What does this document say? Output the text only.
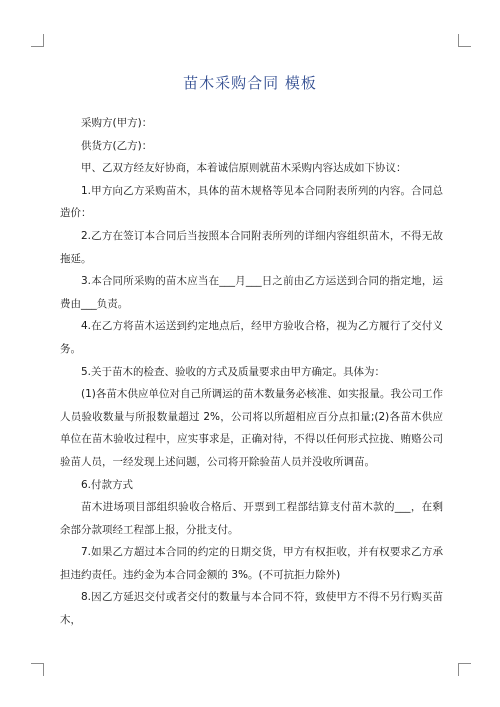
苗木采购合同 模板

采购方(甲方)：

供货方(乙方)：

甲、乙双方经友好协商，本着诚信原则就苗木采购内容达成如下协议：

1.甲方向乙方采购苗木，具体的苗木规格等见本合同附表所列的内容。合同总造价：

2.乙方在签订本合同后当按照本合同附表所列的详细内容组织苗木，不得无故拖延。

3.本合同所采购的苗木应当在___月___日之前由乙方运送到合同的指定地，运费由___负责。

4.在乙方将苗木运送到约定地点后，经甲方验收合格，视为乙方履行了交付义务。

5.关于苗木的检查、验收的方式及质量要求由甲方确定。具体为：

(1)各苗木供应单位对自己所调运的苗木数量务必核准、如实报量。我公司工作人员验收数量与所报数量超过 2%，公司将以所超相应百分点扣量;(2)各苗木供应单位在苗木验收过程中，应实事求是，正确对待，不得以任何形式拉拢、贿赂公司验苗人员，一经发现上述问题，公司将开除验苗人员并没收所调苗。

6.付款方式

苗木进场项目部组织验收合格后、开票到工程部结算支付苗木款的___，在剩余部分款项经工程部上报，分批支付。

7.如果乙方超过本合同的约定的日期交货，甲方有权拒收，并有权要求乙方承担违约责任。违约金为本合同金额的 3%。(不可抗拒力除外)

8.因乙方延迟交付或者交付的数量与本合同不符，致使甲方不得不另行购买苗木，
